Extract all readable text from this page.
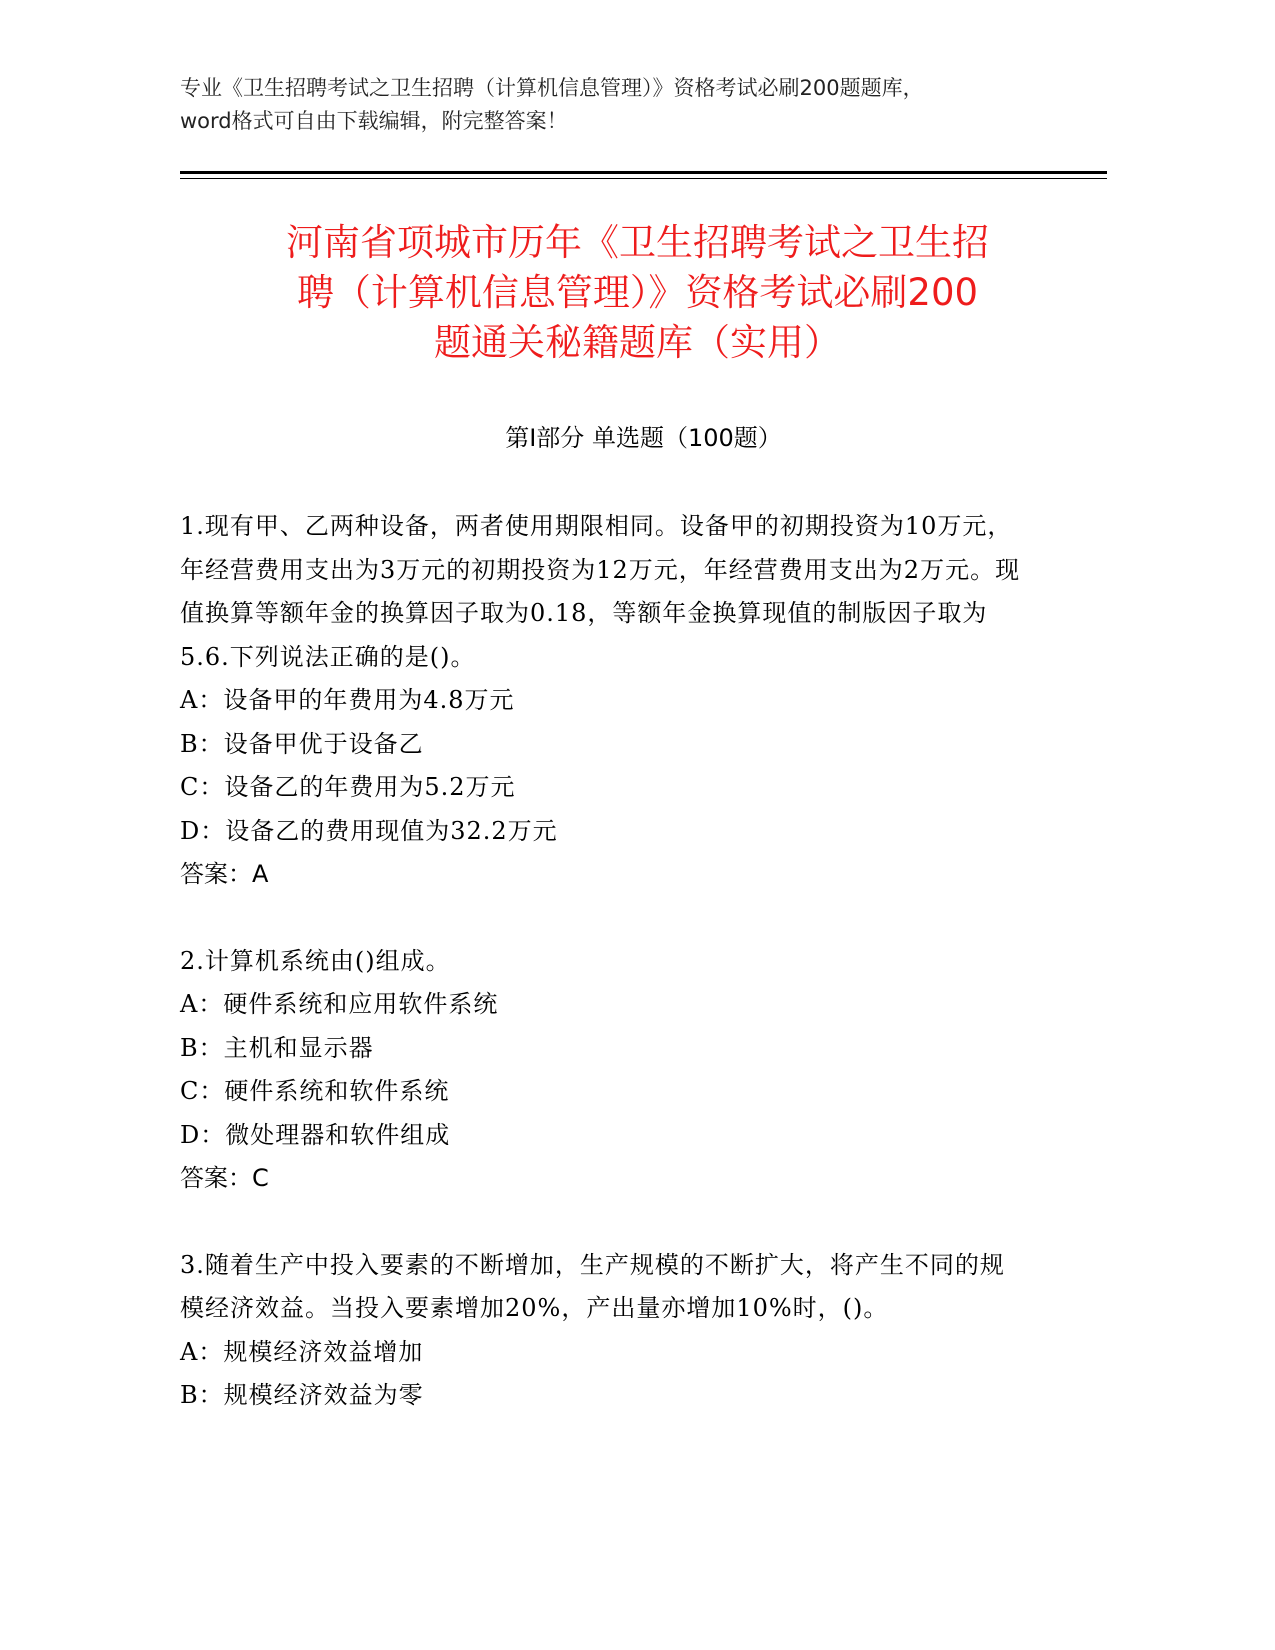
专业《卫生招聘考试之卫生招聘（计算机信息管理）》资格考试必刷200题题库，

word格式可自由下载编辑，附完整答案！

河南省项城市历年《卫生招聘考试之卫生招
聘（计算机信息管理）》资格考试必刷200
题通关秘籍题库（实用）
第Ⅰ部分 单选题（100题）

1.现有甲、乙两种设备，两者使用期限相同。设备甲的初期投资为10万元，年经营费用支出为3万元的初期投资为12万元，年经营费用支出为2万元。现值换算等额年金的换算因子取为0.18，等额年金换算现值的制版因子取为5.6.下列说法正确的是()。

A：设备甲的年费用为4.8万元

B：设备甲优于设备乙

C：设备乙的年费用为5.2万元

D：设备乙的费用现值为32.2万元

答案：A

2.计算机系统由()组成。

A：硬件系统和应用软件系统

B：主机和显示器

C：硬件系统和软件系统

D：微处理器和软件组成

答案：C

3.随着生产中投入要素的不断增加，生产规模的不断扩大，将产生不同的规模经济效益。当投入要素增加20%，产出量亦增加10%时，()。

A：规模经济效益增加

B：规模经济效益为零
